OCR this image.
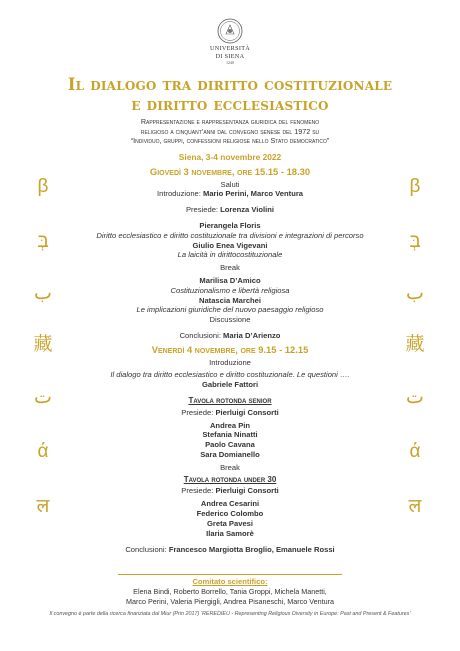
UNIVERSITÀ
DI SIENA
1240
Il dialogo tra diritto costituzionale
e diritto ecclesiastico
Rappresentazione e rappresentanza giuridica del fenomeno
religioso a cinquant’anni dal convegno senese del 1972 su
“Individuo, gruppi, confessioni religiose nello Stato democratico”
Siena, 3-4 novembre 2022
Giovedì 3 novembre, ore 15.15 - 18.30
Saluti
Introduzione: Mario Perini, Marco Ventura
Presiede: Lorenza Violini
Pierangela Floris
Diritto ecclesiastico e diritto costituzionale tra divisioni e integrazioni di percorso
Giulio Enea Vigevani
La laicità in dirittocostituzionale
Break
Marilisa D’Amico
Costituzionalismo e libertà religiosa
Natascia Marchei
Le implicazioni giuridiche del nuovo paesaggio religioso
Discussione
Conclusioni: Maria D’Arienzo
Venerdì 4 novembre, ore 9.15 - 12.15
Introduzione
Il dialogo tra diritto ecclesiastico e diritto costituzionale. Le questioni ….
Gabriele Fattori
Tavola rotonda senior
Presiede: Pierluigi Consorti
Andrea Pin
Stefania Ninatti
Paolo Cavana
Sara Domianello
Break
Tavola rotonda under 30
Presiede: Pierluigi Consorti
Andrea Cesarini
Federico Colombo
Greta Pavesi
Ilaria Samorè
Conclusioni: Francesco Margiotta Broglio, Emanuele Rossi
Comitato scientifico:
Elena Bindi, Roberto Borrello, Tania Groppi, Michela Manetti,
Marco Perini, Valeria Piergigli, Andrea Pisaneschi, Marco Ventura
Il convegno è parte della ricerca finanziata dal Miur (Prin 2017) ‘REREDIEU - Representing Religious Diversity in Europe: Past and Present & Features’
β
בְּ
ب
藏
ت
ά
ल
β
בְּ
ب
藏
ت
ά
ल
